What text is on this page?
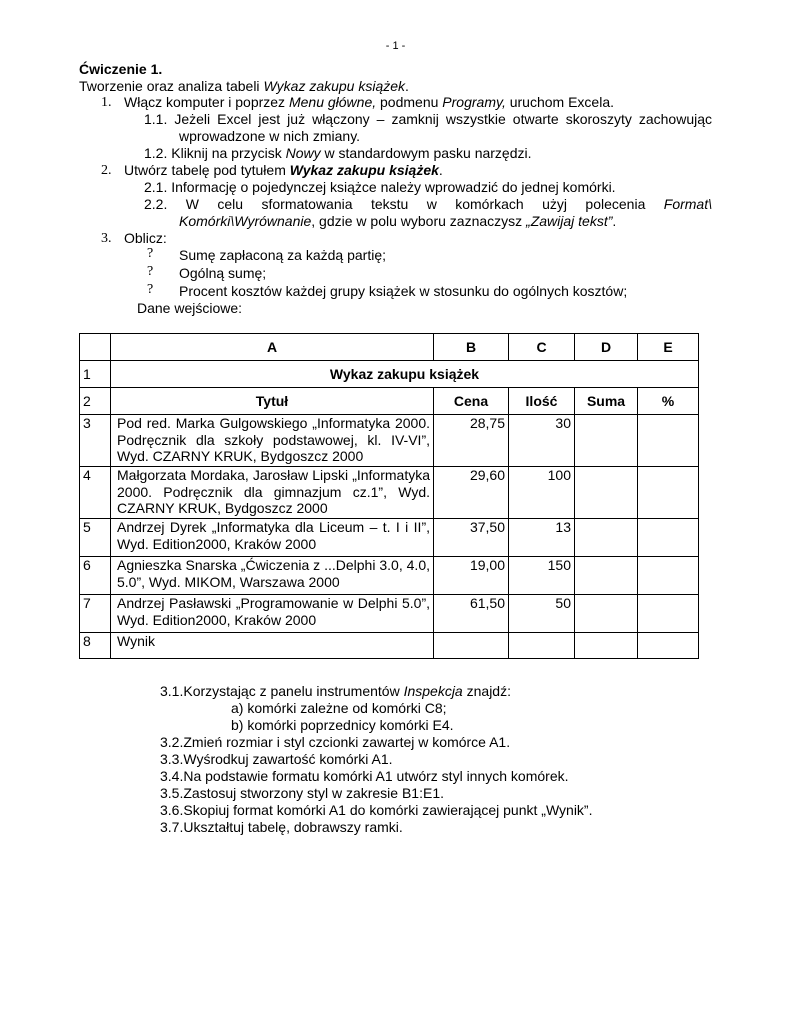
- 1 -
Ćwiczenie 1.
Tworzenie oraz analiza tabeli Wykaz zakupu książek.
1. Włącz komputer i poprzez Menu główne, podmenu Programy, uruchom Excela.
1.1. Jeżeli Excel jest już włączony – zamknij wszystkie otwarte skoroszyty zachowując
wprowadzone w nich zmiany.
1.2. Kliknij na przycisk Nowy w standardowym pasku narzędzi.
2. Utwórz tabelę pod tytułem Wykaz zakupu książek.
2.1. Informację o pojedynczej książce należy wprowadzić do jednej komórki.
2.2. W celu sformatowania tekstu w komórkach użyj polecenia Format\
Komórki\Wyrównanie, gdzie w polu wyboru zaznaczysz „Zawijaj tekst”.
3. Oblicz:
? Sumę zapłaconą za każdą partię;
? Ogólną sumę;
? Procent kosztów każdej grupy książek w stosunku do ogólnych kosztów;
Dane wejściowe:
	A	B	C	D	E
1	Wykaz zakupu książek				
2	Tytuł	Cena	Ilość	Suma	%
3	Pod red. Marka Gulgowskiego „Informatyka 2000. Podręcznik dla szkoły podstawowej, kl. IV-VI”, Wyd. CZARNY KRUK, Bydgoszcz 2000	28,75	30		
4	Małgorzata Mordaka, Jarosław Lipski „Informatyka 2000. Podręcznik dla gimnazjum cz.1”, Wyd. CZARNY KRUK, Bydgoszcz 2000	29,60	100		
5	Andrzej Dyrek „Informatyka dla Liceum – t. I i II”, Wyd. Edition2000, Kraków 2000	37,50	13		
6	Agnieszka Snarska „Ćwiczenia z ...Delphi 3.0, 4.0, 5.0”, Wyd. MIKOM, Warszawa 2000	19,00	150		
7	Andrzej Pasławski „Programowanie w Delphi 5.0”, Wyd. Edition2000, Kraków 2000	61,50	50		
8	Wynik				
3.1.Korzystając z panelu instrumentów Inspekcja znajdź:
a) komórki zależne od komórki C8;
b) komórki poprzednicy komórki E4.
3.2.Zmień rozmiar i styl czcionki zawartej w komórce A1.
3.3.Wyśrodkuj zawartość komórki A1.
3.4.Na podstawie formatu komórki A1 utwórz styl innych komórek.
3.5.Zastosuj stworzony styl w zakresie B1:E1.
3.6.Skopiuj format komórki A1 do komórki zawierającej punkt „Wynik”.
3.7.Ukształtuj tabelę, dobrawszy ramki.
